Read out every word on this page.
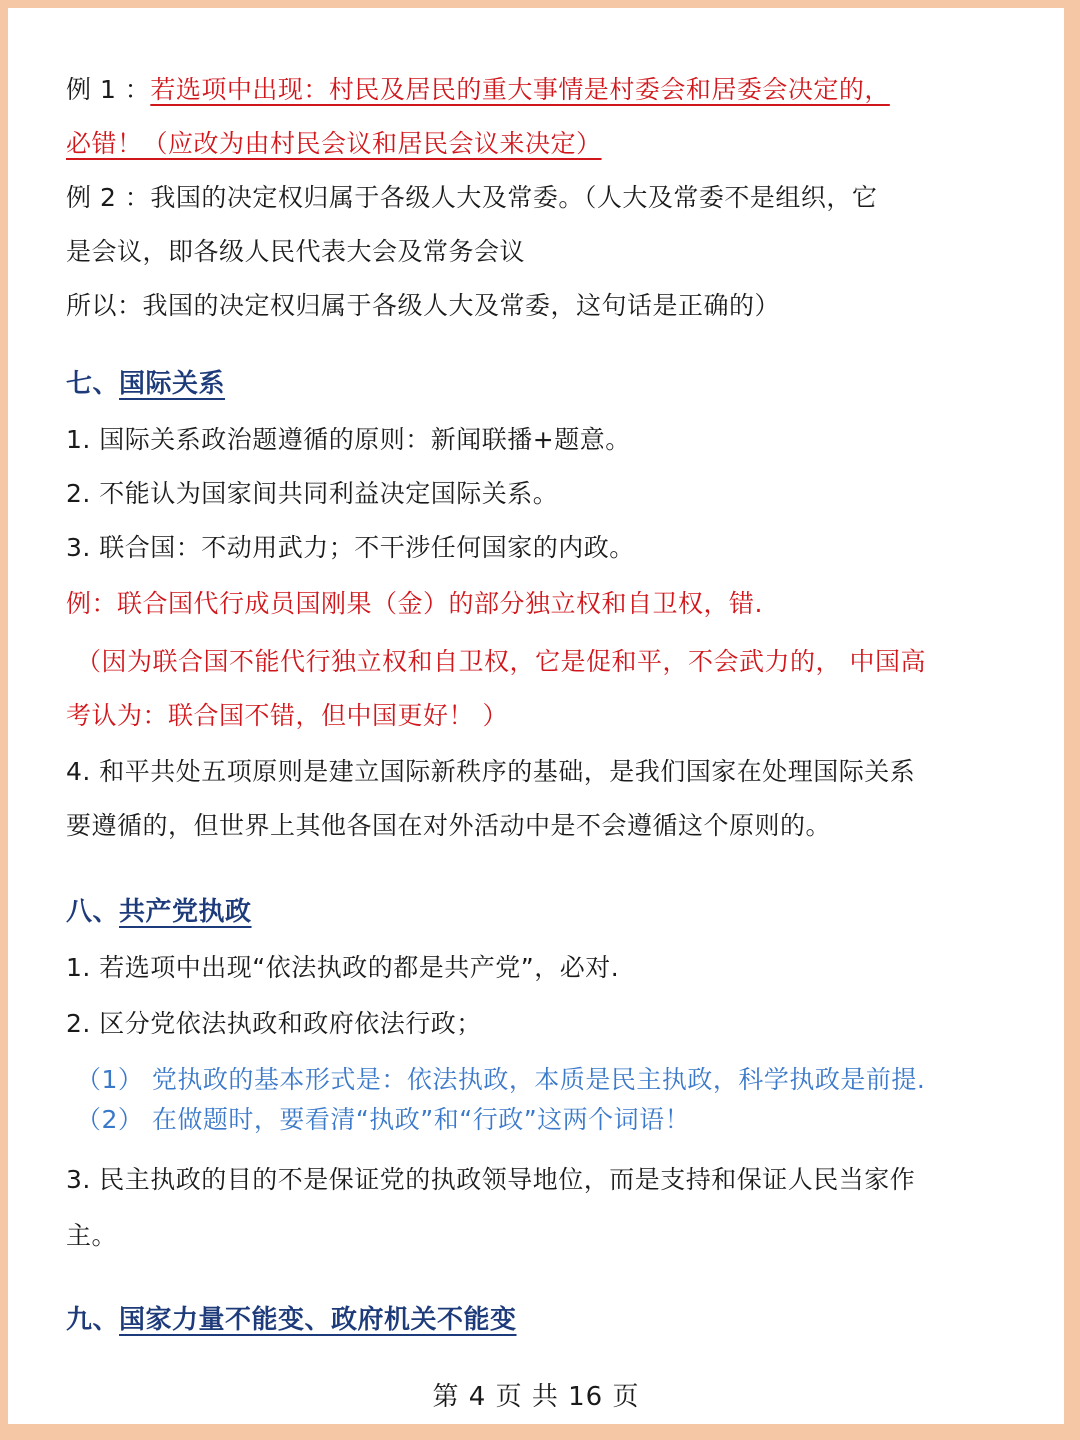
例 1 ：若选项中出现：村民及居民的重大事情是村委会和居委会决定的，
必错！（应改为由村民会议和居民会议来决定）
例 2 ：我国的决定权归属于各级人大及常委。（人大及常委不是组织，它
是会议，即各级人民代表大会及常务会议
所以：我国的决定权归属于各级人大及常委，这句话是正确的）
七、国际关系
1. 国际关系政治题遵循的原则：新闻联播+题意。
2. 不能认为国家间共同利益决定国际关系。
3. 联合国：不动用武力；不干涉任何国家的内政。
例：联合国代行成员国刚果（金）的部分独立权和自卫权，错.
（因为联合国不能代行独立权和自卫权，它是促和平，不会武力的， 中国高
考认为：联合国不错，但中国更好！ ）
4. 和平共处五项原则是建立国际新秩序的基础，是我们国家在处理国际关系
要遵循的，但世界上其他各国在对外活动中是不会遵循这个原则的。
八、共产党执政
1. 若选项中出现“依法执政的都是共产党”，必对.
2. 区分党依法执政和政府依法行政；
（1） 党执政的基本形式是：依法执政，本质是民主执政，科学执政是前提.
（2） 在做题时，要看清“执政”和“行政”这两个词语！
3. 民主执政的目的不是保证党的执政领导地位，而是支持和保证人民当家作
主。
九、国家力量不能变、政府机关不能变
第 4 页 共 16 页
